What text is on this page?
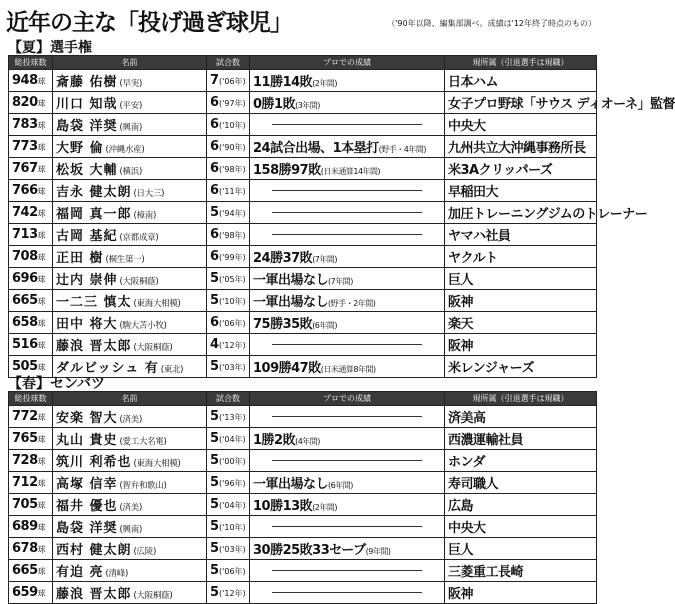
近年の主な「投げ過ぎ球児」	（'90年以降、編集部調べ。成績は'12年終了時点のもの）
【夏】選手権
総投球数	名前	試合数	プロでの成績	現所属（引退選手は現職）
948球	斎藤 佑樹 (早実)	7('06年)	11勝14敗(2年間)	日本ハム
820球	川口 知哉 (平安)	6('97年)	0勝1敗(3年間)	女子プロ野球「サウス ディオーネ」監督
783球	島袋 洋奨 (興南)	6('10年)		中央大
773球	大野 倫 (沖縄水産)	6('90年)	24試合出場、1本塁打(野手・4年間)	九州共立大沖縄事務所長
767球	松坂 大輔 (横浜)	6('98年)	158勝97敗(日米通算14年間)	米3Aクリッパーズ
766球	吉永 健太朗 (日大三)	6('11年)		早稲田大
742球	福岡 真一郎 (樟南)	5('94年)		加圧トレーニングジムのトレーナー
713球	古岡 基紀 (京都成章)	6('98年)		ヤマハ社員
708球	正田 樹 (桐生第一)	6('99年)	24勝37敗(7年間)	ヤクルト
696球	辻内 崇伸 (大阪桐蔭)	5('05年)	一軍出場なし(7年間)	巨人
665球	一二三 慎太 (東海大相模)	5('10年)	一軍出場なし(野手・2年間)	阪神
658球	田中 将大 (駒大苫小牧)	6('06年)	75勝35敗(6年間)	楽天
516球	藤浪 晋太郎 (大阪桐蔭)	4('12年)		阪神
505球	ダルビッシュ 有 (東北)	5('03年)	109勝47敗(日米通算8年間)	米レンジャーズ
【春】センバツ
総投球数	名前	試合数	プロでの成績	現所属（引退選手は現職）
772球	安楽 智大 (済美)	5('13年)		済美高
765球	丸山 貴史 (愛工大名電)	5('04年)	1勝2敗(4年間)	西濃運輸社員
728球	筑川 利希也 (東海大相模)	5('00年)		ホンダ
712球	高塚 信幸 (智弁和歌山)	5('96年)	一軍出場なし(6年間)	寿司職人
705球	福井 優也 (済美)	5('04年)	10勝13敗(2年間)	広島
689球	島袋 洋奨 (興南)	5('10年)		中央大
678球	西村 健太朗 (広陵)	5('03年)	30勝25敗33セーブ(9年間)	巨人
665球	有迫 亮 (清峰)	5('06年)		三菱重工長崎
659球	藤浪 晋太郎 (大阪桐蔭)	5('12年)		阪神
